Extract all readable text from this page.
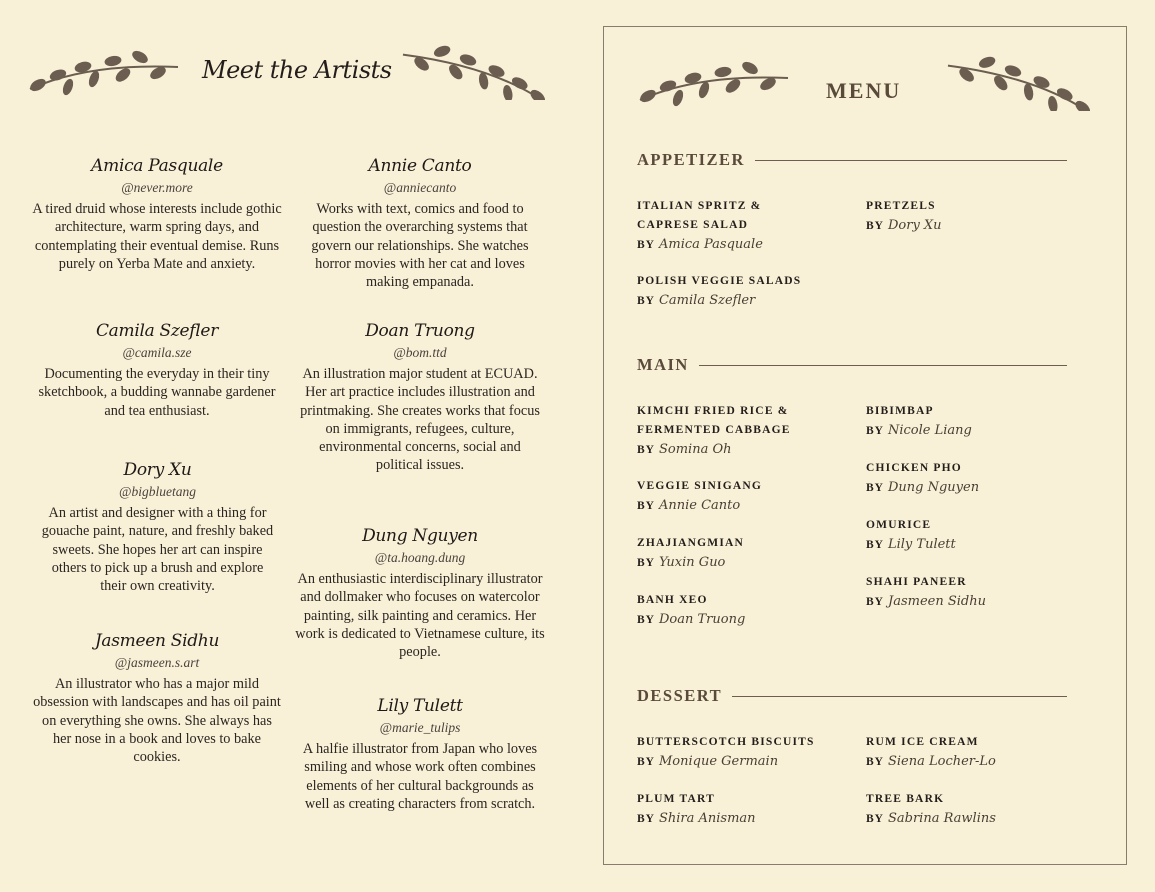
Meet the Artists
Amica Pasquale
@never.more
A tired druid whose interests include gothic architecture, warm spring days, and contemplating their eventual demise. Runs purely on Yerba Mate and anxiety.
Camila Szefler
@camila.sze
Documenting the everyday in their tiny sketchbook, a budding wannabe gardener and tea enthusiast.
Dory Xu
@bigbluetang
An artist and designer with a thing for gouache paint, nature, and freshly baked sweets. She hopes her art can inspire others to pick up a brush and explore their own creativity.
Jasmeen Sidhu
@jasmeen.s.art
An illustrator who has a major mild obsession with landscapes and has oil paint on everything she owns. She always has her nose in a book and loves to bake cookies.
Annie Canto
@anniecanto
Works with text, comics and food to question the overarching systems that govern our relationships. She watches horror movies with her cat and loves making empanada.
Doan Truong
@bom.ttd
An illustration major student at ECUAD. Her art practice includes illustration and printmaking. She creates works that focus on immigrants, refugees, culture, environmental concerns, social and political issues.
Dung Nguyen
@ta.hoang.dung
An enthusiastic interdisciplinary illustrator and dollmaker who focuses on watercolor painting, silk painting and ceramics. Her work is dedicated to Vietnamese culture, its people.
Lily Tulett
@marie_tulips
A halfie illustrator from Japan who loves smiling and whose work often combines elements of her cultural backgrounds as well as creating characters from scratch.
MENU
APPETIZER
ITALIAN SPRITZ &
CAPRESE SALAD
BY Amica Pasquale
POLISH VEGGIE SALADS
BY Camila Szefler
PRETZELS
BY Dory Xu
MAIN
KIMCHI FRIED RICE &
FERMENTED CABBAGE
BY Somina Oh
VEGGIE SINIGANG
BY Annie Canto
ZHAJIANGMIAN
BY Yuxin Guo
BANH XEO
BY Doan Truong
BIBIMBAP
BY Nicole Liang
CHICKEN PHO
BY Dung Nguyen
OMURICE
BY Lily Tulett
SHAHI PANEER
BY Jasmeen Sidhu
DESSERT
BUTTERSCOTCH BISCUITS
BY Monique Germain
PLUM TART
BY Shira Anisman
RUM ICE CREAM
BY Siena Locher-Lo
TREE BARK
BY Sabrina Rawlins
